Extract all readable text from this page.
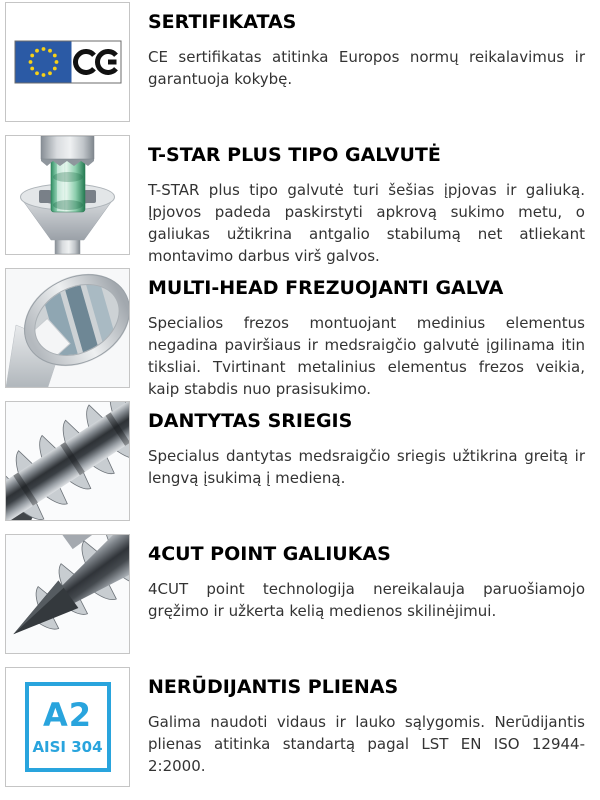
SERTIFIKATAS

CE sertifikatas atitinka Europos normų reikalavimus ir garantuoja kokybę.

T-STAR PLUS TIPO GALVUTĖ

T-STAR plus tipo galvutė turi šešias įpjovas ir galiuką. Įpjovos padeda paskirstyti apkrovą sukimo metu, o galiukas užtikrina antgalio stabilumą net atliekant montavimo darbus virš galvos.

MULTI-HEAD FREZUOJANTI GALVA

Specialios frezos montuojant medinius elementus negadina paviršiaus ir medsraigčio galvutė įgilinama itin tiksliai. Tvirtinant metalinius elementus frezos veikia, kaip stabdis nuo prasisukimo.

DANTYTAS SRIEGIS

Specialus dantytas medsraigčio sriegis užtikrina greitą ir lengvą įsukimą į medieną.

4CUT POINT GALIUKAS

4CUT point technologija nereikalauja paruošiamojo gręžimo ir užkerta kelią medienos skilinėjimui.

A2
AISI 304
NERŪDIJANTIS PLIENAS

Galima naudoti vidaus ir lauko sąlygomis. Nerūdijantis plienas atitinka standartą pagal LST EN ISO 12944-2:2000.
